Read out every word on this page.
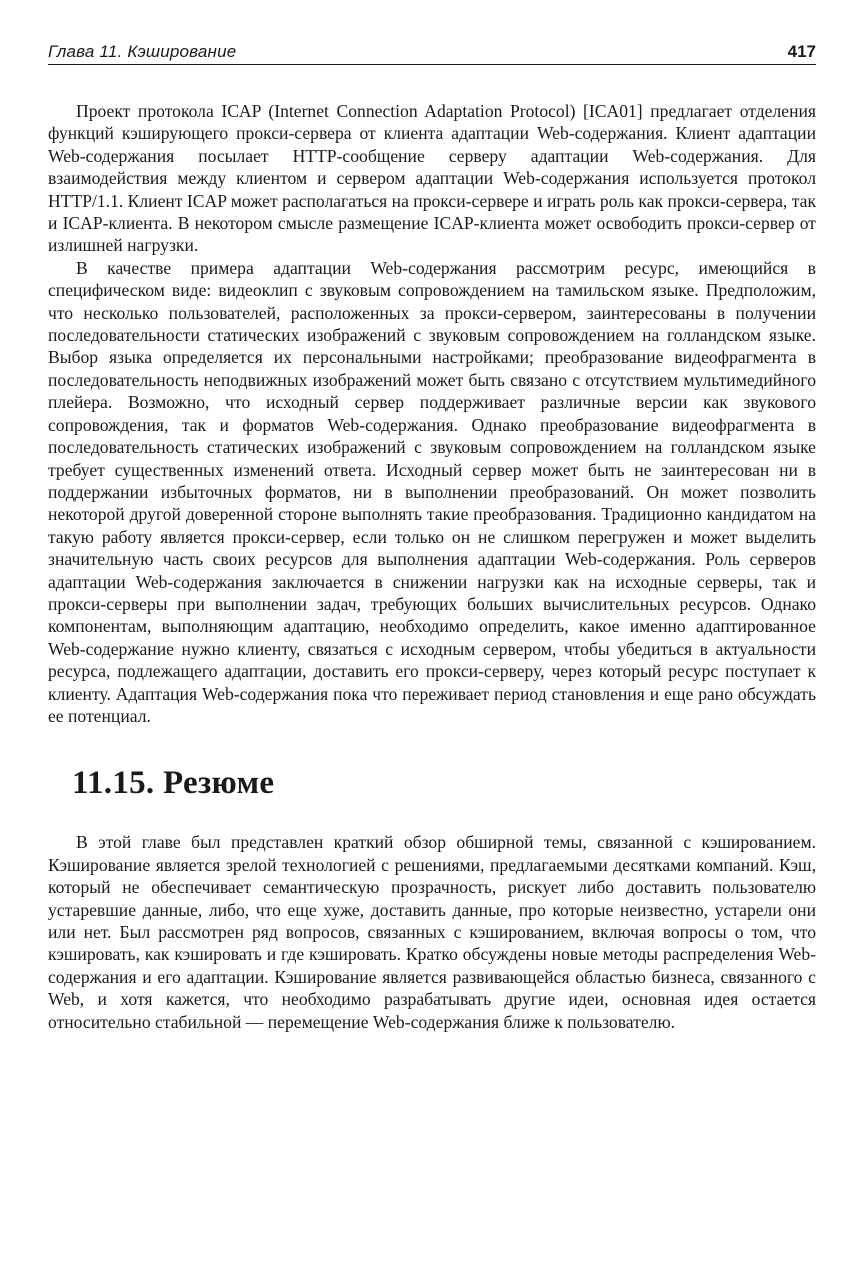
Глава 11. Кэширование	417

Проект протокола ICAP (Internet Connection Adaptation Protocol) [ICA01] предлагает отделения функций кэширующего прокси-сервера от клиента адаптации Web-содержания. Клиент адаптации Web-содержания посылает HTTP-сообщение серверу адаптации Web-содержания. Для взаимодействия между клиентом и сервером адаптации Web-содержания используется протокол HTTP/1.1. Клиент ICAP может располагаться на прокси-сервере и играть роль как прокси-сервера, так и ICAP-клиента. В некотором смысле размещение ICAP-клиента может освободить прокси-сервер от излишней нагрузки.

В качестве примера адаптации Web-содержания рассмотрим ресурс, имеющийся в специфическом виде: видеоклип с звуковым сопровождением на тамильском языке. Предположим, что несколько пользователей, расположенных за прокси-сервером, заинтересованы в получении последовательности статических изображений с звуковым сопровождением на голландском языке. Выбор языка определяется их персональными настройками; преобразование видеофрагмента в последовательность неподвижных изображений может быть связано с отсутствием мультимедийного плейера. Возможно, что исходный сервер поддерживает различные версии как звукового сопровождения, так и форматов Web-содержания. Однако преобразование видеофрагмента в последовательность статических изображений с звуковым сопровождением на голландском языке требует существенных изменений ответа. Исходный сервер может быть не заинтересован ни в поддержании избыточных форматов, ни в выполнении преобразований. Он может позволить некоторой другой доверенной стороне выполнять такие преобразования. Традиционно кандидатом на такую работу является прокси-сервер, если только он не слишком перегружен и может выделить значительную часть своих ресурсов для выполнения адаптации Web-содержания. Роль серверов адаптации Web-содержания заключается в снижении нагрузки как на исходные серверы, так и прокси-серверы при выполнении задач, требующих больших вычислительных ресурсов. Однако компонентам, выполняющим адаптацию, необходимо определить, какое именно адаптированное Web-содержание нужно клиенту, связаться с исходным сервером, чтобы убедиться в актуальности ресурса, подлежащего адаптации, доставить его прокси-серверу, через который ресурс поступает к клиенту. Адаптация Web-содержания пока что переживает период становления и еще рано обсуждать ее потенциал.

11.15. Резюме

В этой главе был представлен краткий обзор обширной темы, связанной с кэшированием. Кэширование является зрелой технологией с решениями, предлагаемыми десятками компаний. Кэш, который не обеспечивает семантическую прозрачность, рискует либо доставить пользователю устаревшие данные, либо, что еще хуже, доставить данные, про которые неизвестно, устарели они или нет. Был рассмотрен ряд вопросов, связанных с кэшированием, включая вопросы о том, что кэшировать, как кэшировать и где кэшировать. Кратко обсуждены новые методы распределения Web-содержания и его адаптации. Кэширование является развивающейся областью бизнеса, связанного с Web, и хотя кажется, что необходимо разрабатывать другие идеи, основная идея остается относительно стабильной — перемещение Web-содержания ближе к пользователю.
